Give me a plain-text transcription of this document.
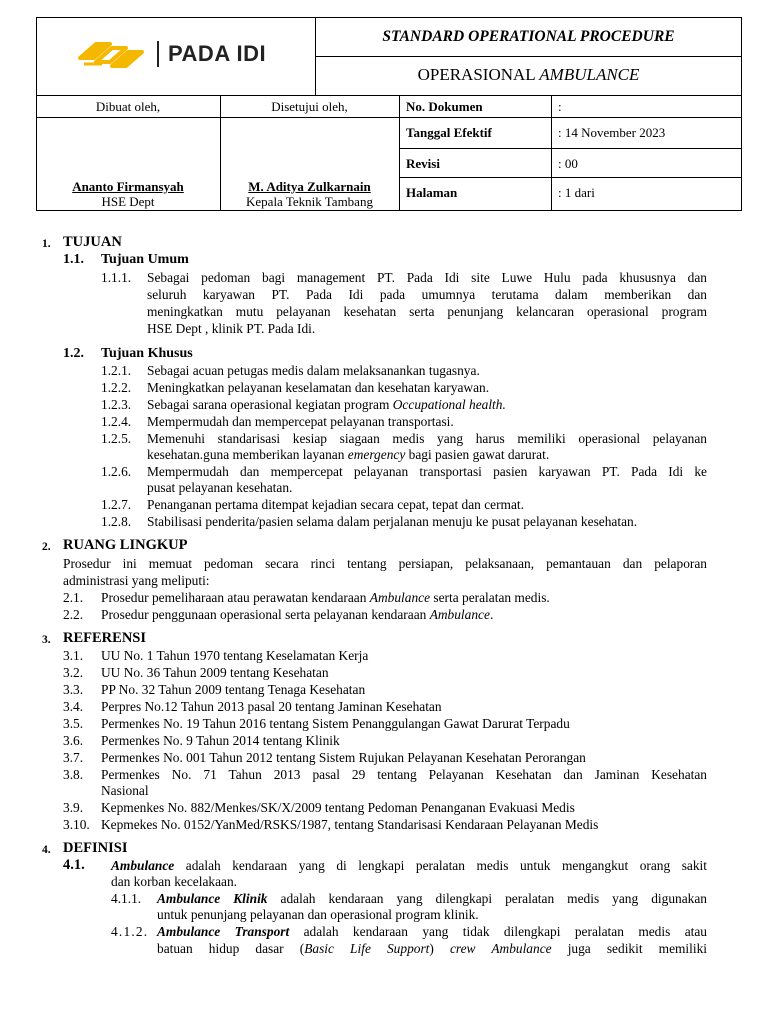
PADA IDI
STANDARD OPERATIONAL PROCEDURE
OPERASIONAL AMBULANCE
Dibuat oleh,	Disetujui oleh,
Ananto Firmansyah
HSE Dept
M. Aditya Zulkarnain
Kepala Teknik Tambang
No. Dokumen	:
Tanggal Efektif	: 14 November 2023
Revisi	: 00
Halaman	: 1 dari
1. TUJUAN
1.1. Tujuan Umum
1.1.1. Sebagai pedoman bagi management PT. Pada Idi site Luwe Hulu pada khususnya dan
seluruh karyawan PT. Pada Idi pada umumnya terutama dalam memberikan dan
meningkatkan mutu pelayanan kesehatan serta penunjang kelancaran operasional program
HSE Dept , klinik PT. Pada Idi.
1.2. Tujuan Khusus
1.2.1. Sebagai acuan petugas medis dalam melaksanankan tugasnya.
1.2.2. Meningkatkan pelayanan keselamatan dan kesehatan karyawan.
1.2.3. Sebagai sarana operasional kegiatan program Occupational health.
1.2.4. Mempermudah dan mempercepat pelayanan transportasi.
1.2.5. Memenuhi standarisasi kesiap siagaan medis yang harus memiliki operasional pelayanan
kesehatan.guna memberikan layanan emergency bagi pasien gawat darurat.
1.2.6. Mempermudah dan mempercepat pelayanan transportasi pasien karyawan PT. Pada Idi ke
pusat pelayanan kesehatan.
1.2.7. Penanganan pertama ditempat kejadian secara cepat, tepat dan cermat.
1.2.8. Stabilisasi penderita/pasien selama dalam perjalanan menuju ke pusat pelayanan kesehatan.
2. RUANG LINGKUP
Prosedur ini memuat pedoman secara rinci tentang persiapan, pelaksanaan, pemantauan dan pelaporan
administrasi yang meliputi:
2.1. Prosedur pemeliharaan atau perawatan kendaraan Ambulance serta peralatan medis.
2.2. Prosedur penggunaan operasional serta pelayanan kendaraan Ambulance.
3. REFERENSI
3.1. UU No. 1 Tahun 1970 tentang Keselamatan Kerja
3.2. UU No. 36 Tahun 2009 tentang Kesehatan
3.3. PP No. 32 Tahun 2009 tentang Tenaga Kesehatan
3.4. Perpres No.12 Tahun 2013 pasal 20 tentang Jaminan Kesehatan
3.5. Permenkes No. 19 Tahun 2016 tentang Sistem Penanggulangan Gawat Darurat Terpadu
3.6. Permenkes No. 9 Tahun 2014 tentang Klinik
3.7. Permenkes No. 001 Tahun 2012 tentang Sistem Rujukan Pelayanan Kesehatan Perorangan
3.8. Permenkes No. 71 Tahun 2013 pasal 29 tentang Pelayanan Kesehatan dan Jaminan Kesehatan
Nasional
3.9. Kepmenkes No. 882/Menkes/SK/X/2009 tentang Pedoman Penanganan Evakuasi Medis
3.10. Kepmekes No. 0152/YanMed/RSKS/1987, tentang Standarisasi Kendaraan Pelayanan Medis
4. DEFINISI
4.1. Ambulance adalah kendaraan yang di lengkapi peralatan medis untuk mengangkut orang sakit
dan korban kecelakaan.
4.1.1. Ambulance Klinik adalah kendaraan yang dilengkapi peralatan medis yang digunakan
untuk penunjang pelayanan dan operasional program klinik.
4.1.2. Ambulance Transport adalah kendaraan yang tidak dilengkapi peralatan medis atau
batuan hidup dasar (Basic Life Support) crew Ambulance juga sedikit memiliki
